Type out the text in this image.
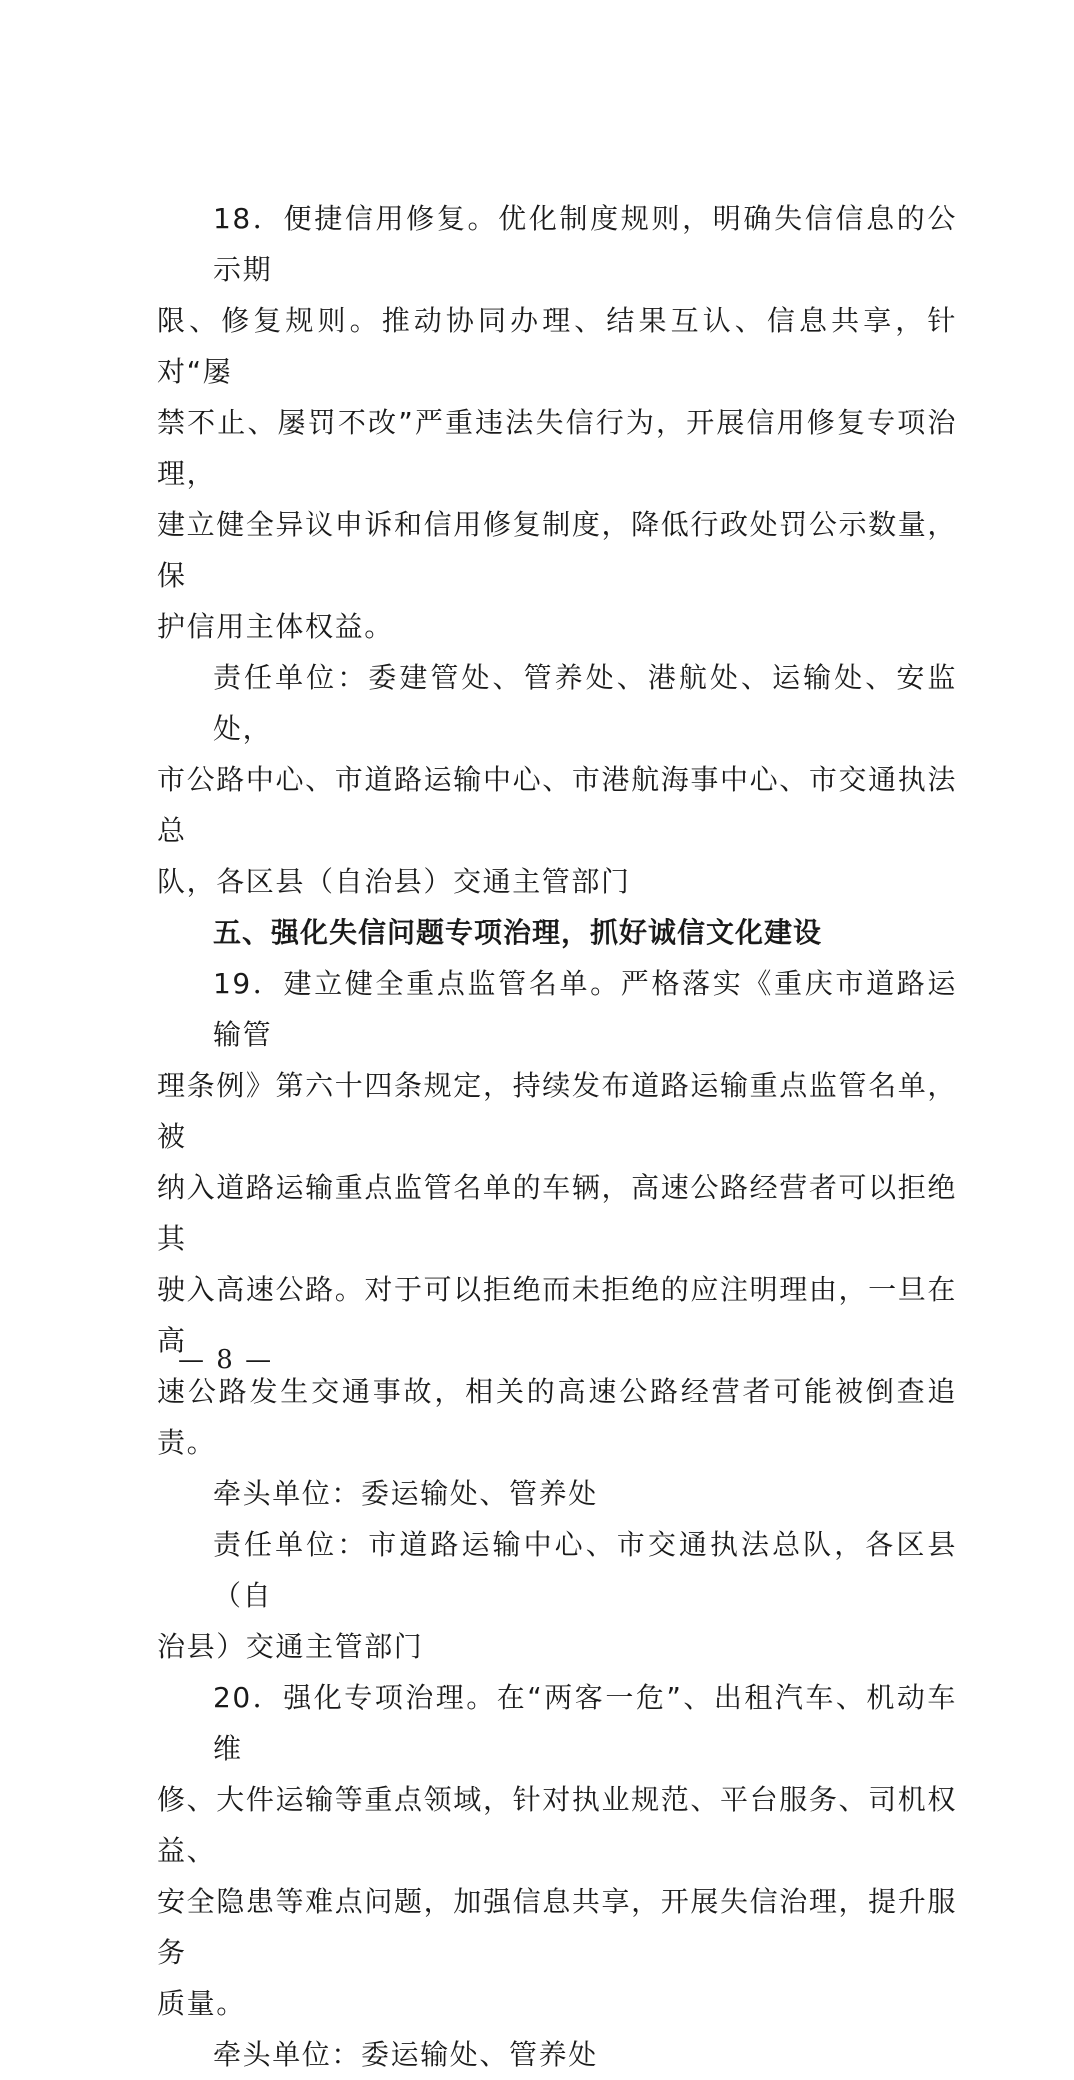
18．便捷信用修复。优化制度规则，明确失信信息的公示期
限、修复规则。推动协同办理、结果互认、信息共享，针对“屡
禁不止、屡罚不改”严重违法失信行为，开展信用修复专项治理，
建立健全异议申诉和信用修复制度，降低行政处罚公示数量，保
护信用主体权益。

责任单位：委建管处、管养处、港航处、运输处、安监处，
市公路中心、市道路运输中心、市港航海事中心、市交通执法总
队，各区县（自治县）交通主管部门

五、强化失信问题专项治理，抓好诚信文化建设

19．建立健全重点监管名单。严格落实《重庆市道路运输管
理条例》第六十四条规定，持续发布道路运输重点监管名单，被
纳入道路运输重点监管名单的车辆，高速公路经营者可以拒绝其
驶入高速公路。对于可以拒绝而未拒绝的应注明理由，一旦在高
速公路发生交通事故，相关的高速公路经营者可能被倒查追责。

牵头单位：委运输处、管养处

责任单位：市道路运输中心、市交通执法总队，各区县（自
治县）交通主管部门

20．强化专项治理。在“两客一危”、出租汽车、机动车维
修、大件运输等重点领域，针对执业规范、平台服务、司机权益、
安全隐患等难点问题，加强信息共享，开展失信治理，提升服务
质量。

牵头单位：委运输处、管养处

— 8 —
